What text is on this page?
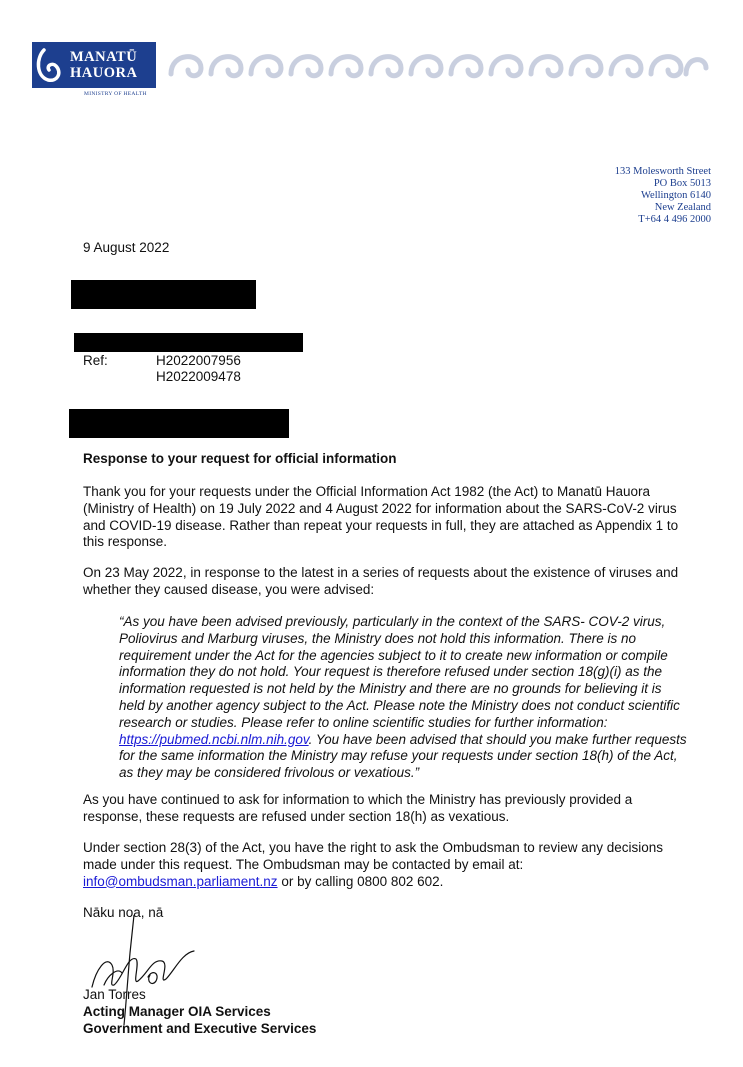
MANATŪ
HAUORA
MINISTRY OF HEALTH
133 Molesworth Street
PO Box 5013
Wellington 6140
New Zealand
T+64 4 496 2000
9 August 2022
Ref:	H2022007956
H2022009478
Response to your request for official information
Thank you for your requests under the Official Information Act 1982 (the Act) to Manatū Hauora (Ministry of Health) on 19 July 2022 and 4 August 2022 for information about the SARS-CoV-2 virus and COVID-19 disease. Rather than repeat your requests in full, they are attached as Appendix 1 to this response.
On 23 May 2022, in response to the latest in a series of requests about the existence of viruses and whether they caused disease, you were advised:
“As you have been advised previously, particularly in the context of the SARS- COV-2 virus, Poliovirus and Marburg viruses, the Ministry does not hold this information. There is no requirement under the Act for the agencies subject to it to create new information or compile information they do not hold. Your request is therefore refused under section 18(g)(i) as the information requested is not held by the Ministry and there are no grounds for believing it is held by another agency subject to the Act. Please note the Ministry does not conduct scientific research or studies. Please refer to online scientific studies for further information: https://pubmed.ncbi.nlm.nih.gov. You have been advised that should you make further requests for the same information the Ministry may refuse your requests under section 18(h) of the Act, as they may be considered frivolous or vexatious.”
As you have continued to ask for information to which the Ministry has previously provided a response, these requests are refused under section 18(h) as vexatious.
Under section 28(3) of the Act, you have the right to ask the Ombudsman to review any decisions made under this request. The Ombudsman may be contacted by email at: info@ombudsman.parliament.nz or by calling 0800 802 602.
Nāku noa, nā
Jan Torres
Acting Manager OIA Services
Government and Executive Services
